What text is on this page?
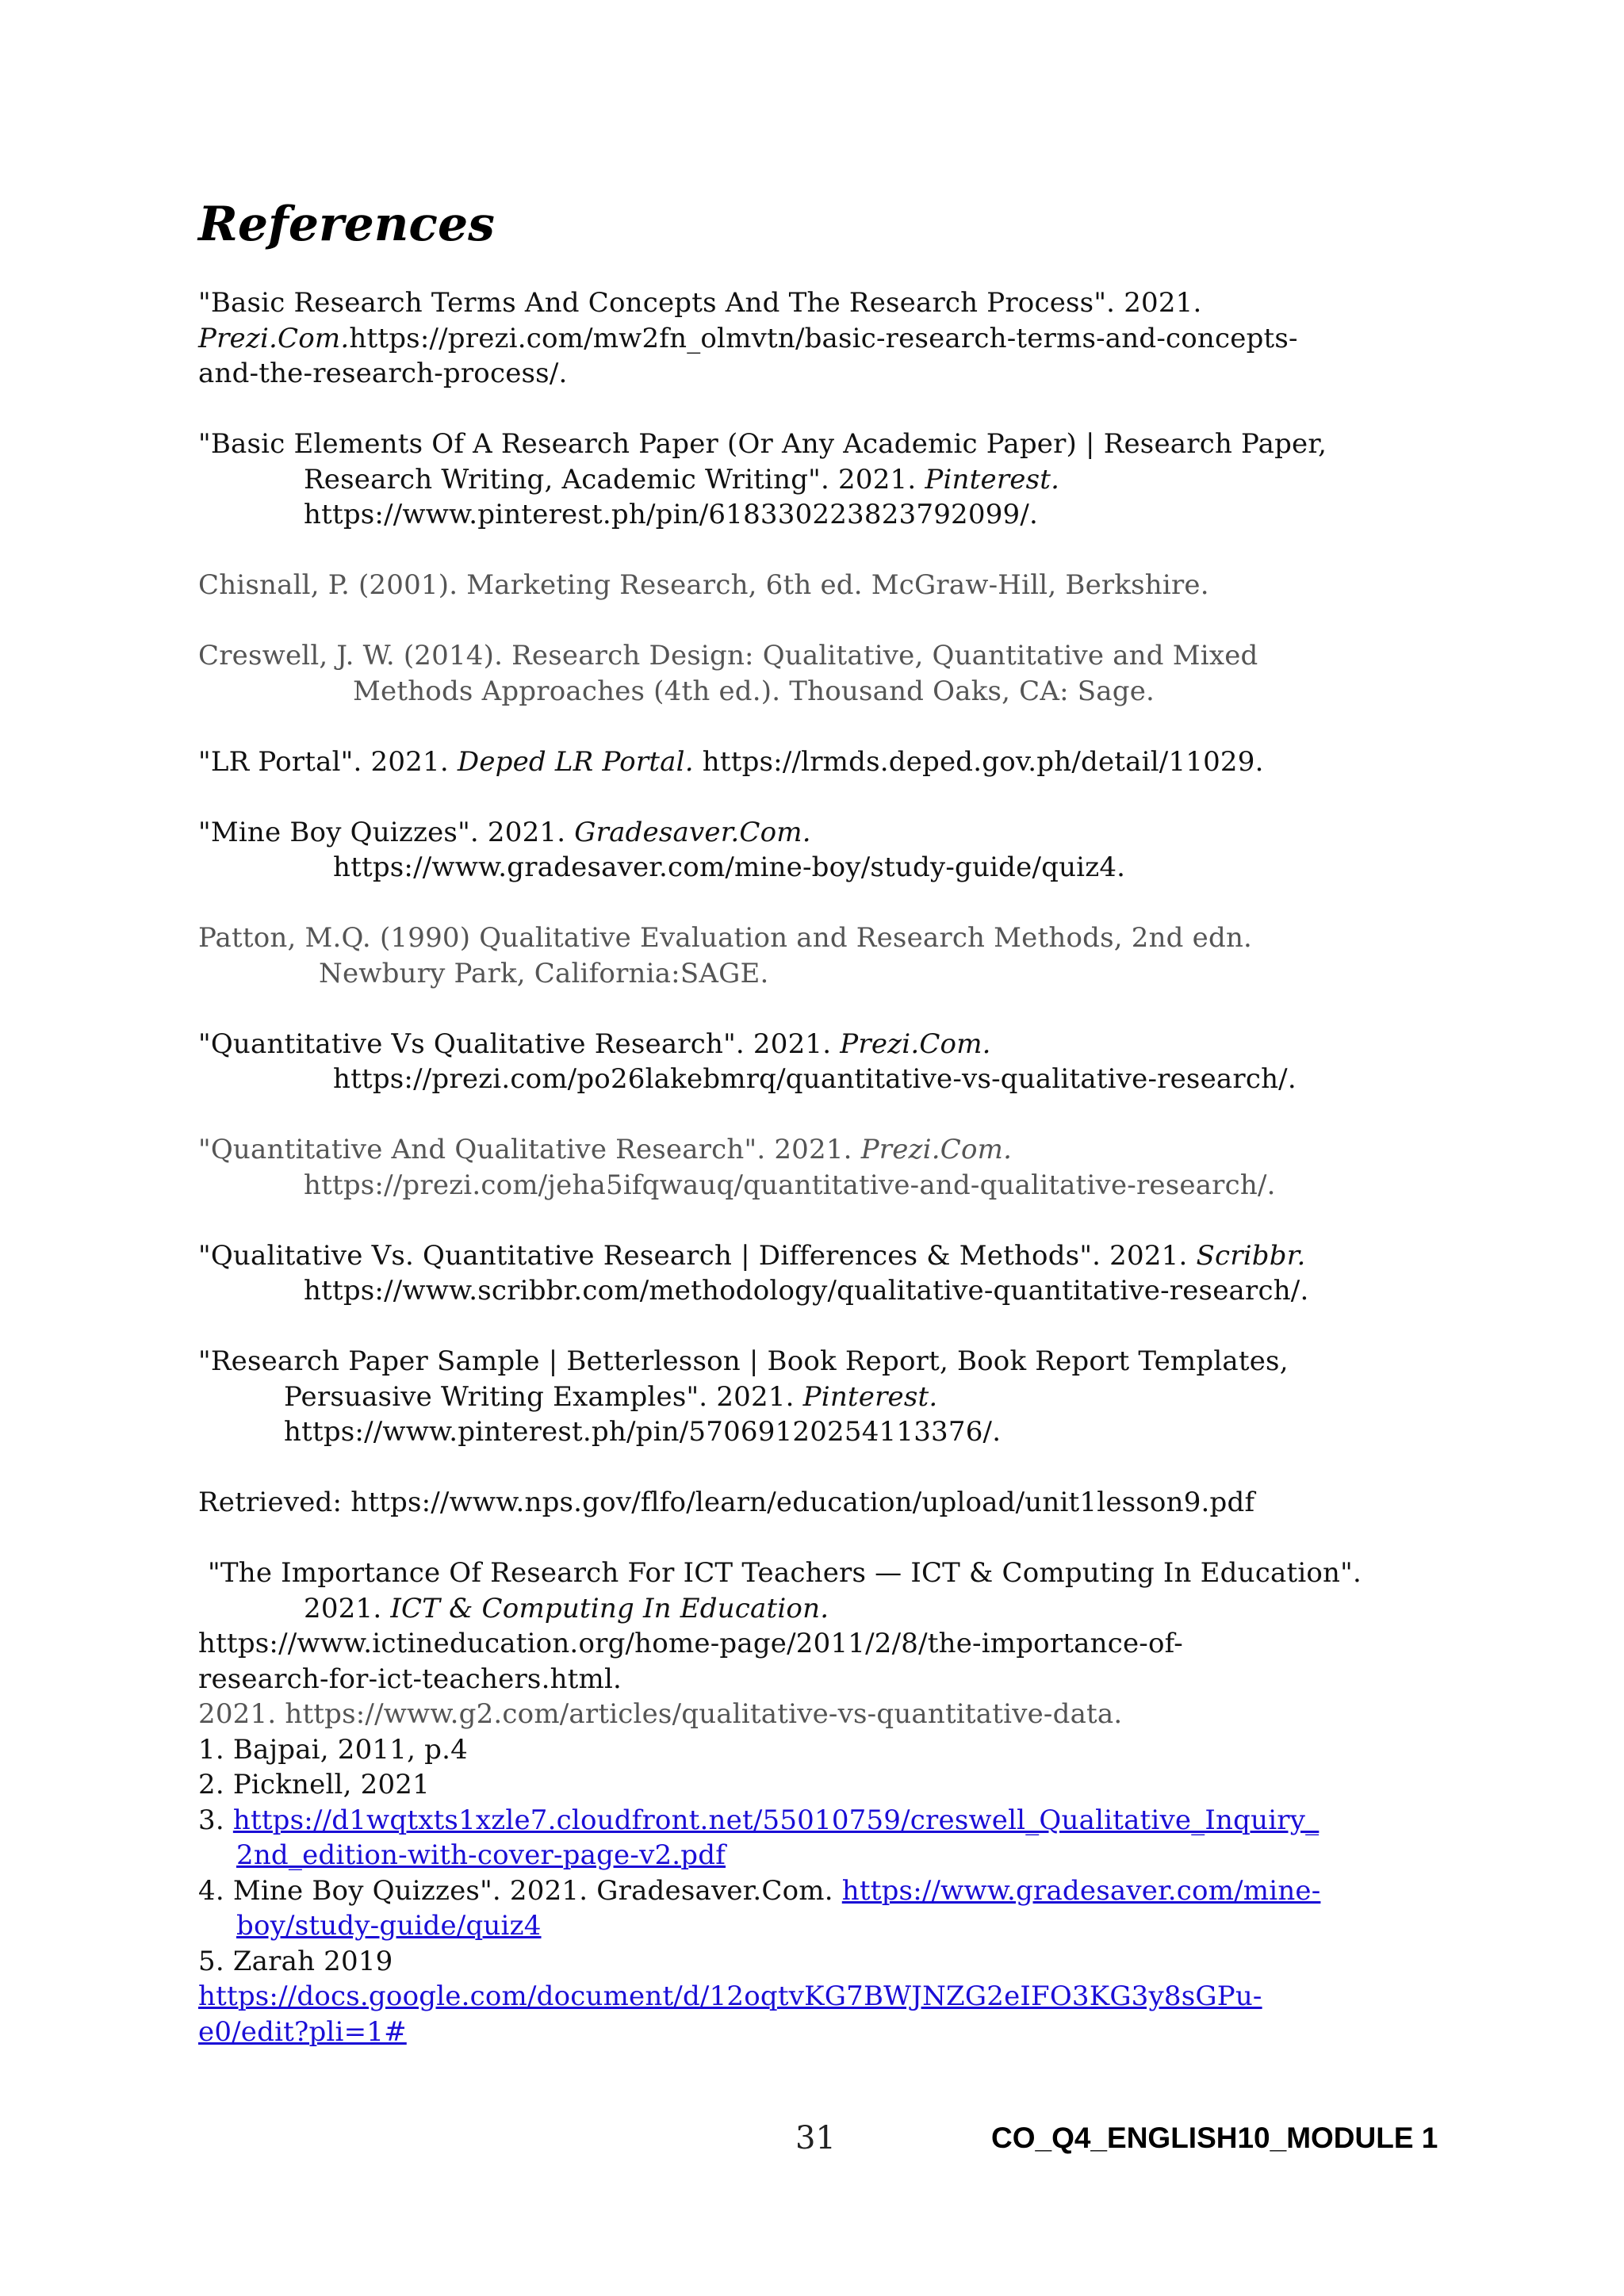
References
"Basic Research Terms And Concepts And The Research Process". 2021.
Prezi.Com.https://prezi.com/mw2fn_olmvtn/basic-research-terms-and-concepts-
and-the-research-process/.
"Basic Elements Of A Research Paper (Or Any Academic Paper) | Research Paper,
Research Writing, Academic Writing". 2021. Pinterest.
https://www.pinterest.ph/pin/618330223823792099/.
Chisnall, P. (2001). Marketing Research, 6th ed. McGraw-Hill, Berkshire.
Creswell, J. W. (2014). Research Design: Qualitative, Quantitative and Mixed
Methods Approaches (4th ed.). Thousand Oaks, CA: Sage.
"LR Portal". 2021. Deped LR Portal. https://lrmds.deped.gov.ph/detail/11029.
"Mine Boy Quizzes". 2021. Gradesaver.Com.
https://www.gradesaver.com/mine-boy/study-guide/quiz4.
Patton, M.Q. (1990) Qualitative Evaluation and Research Methods, 2nd edn.
Newbury Park, California:SAGE.
"Quantitative Vs Qualitative Research". 2021. Prezi.Com.
https://prezi.com/po26lakebmrq/quantitative-vs-qualitative-research/.
"Quantitative And Qualitative Research". 2021. Prezi.Com.
https://prezi.com/jeha5ifqwauq/quantitative-and-qualitative-research/.
"Qualitative Vs. Quantitative Research | Differences & Methods". 2021. Scribbr.
https://www.scribbr.com/methodology/qualitative-quantitative-research/.
"Research Paper Sample | Betterlesson | Book Report, Book Report Templates,
Persuasive Writing Examples". 2021. Pinterest.
https://www.pinterest.ph/pin/57069120254113376/.
Retrieved: https://www.nps.gov/flfo/learn/education/upload/unit1lesson9.pdf
"The Importance Of Research For ICT Teachers — ICT & Computing In Education".
2021. ICT & Computing In Education.
https://www.ictineducation.org/home-page/2011/2/8/the-importance-of-
research-for-ict-teachers.html.
2021. https://www.g2.com/articles/qualitative-vs-quantitative-data.
1. Bajpai, 2011, p.4
2. Picknell, 2021
3. https://d1wqtxts1xzle7.cloudfront.net/55010759/creswell_Qualitative_Inquiry_
2nd_edition-with-cover-page-v2.pdf
4. Mine Boy Quizzes". 2021. Gradesaver.Com. https://www.gradesaver.com/mine-
boy/study-guide/quiz4
5. Zarah 2019
https://docs.google.com/document/d/12oqtvKG7BWJNZG2eIFO3KG3y8sGPu-
e0/edit?pli=1#
31	CO_Q4_ENGLISH10_MODULE 1
